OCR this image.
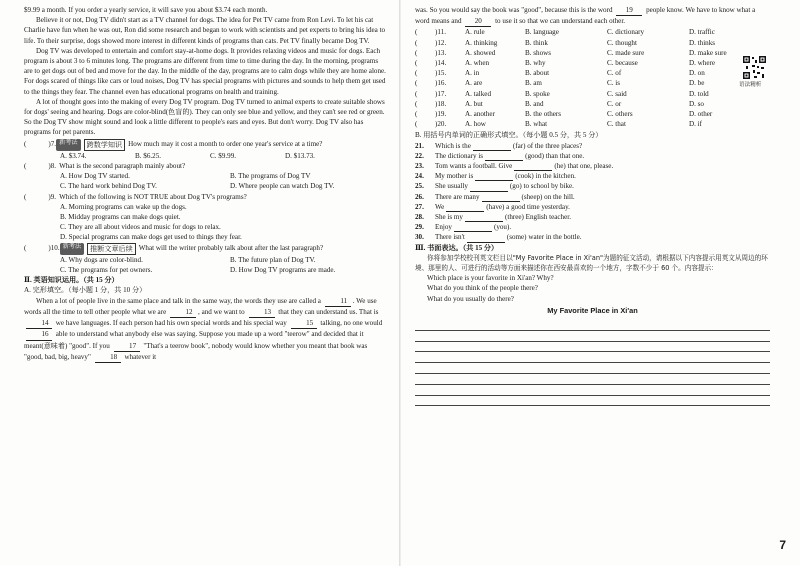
$9.99 a month. If you order a yearly service, it will save you about $3.74 each month.

Believe it or not, Dog TV didn't start as a TV channel for dogs. The idea for Pet TV came from Ron Levi. To let his cat Charlie have fun when he was out, Ron did some research and began to work with scientists and pet experts to bring his idea to life. To their surprise, dogs showed more interest in different kinds of programs than cats. Pet TV finally became Dog TV.

Dog TV was developed to entertain and comfort stay-at-home dogs. It provides relaxing videos and music for dogs. Each program is about 3 to 6 minutes long. The programs are different from time to time during the day. In the morning, programs are to get dogs out of bed and move for the day. In the middle of the day, programs are to calm dogs while they are home alone. For dogs scared of things like cars or loud noises, Dog TV has special programs with pictures and sounds to help them get used to the things they fear. The channel even has educational programs on health and training.

A lot of thought goes into the making of every Dog TV program. Dog TV turned to animal experts to create suitable shows for dogs' seeing and hearing. Dogs are color-blind(色盲的). They can only see blue and yellow, and they can't see red or green. So the Dog TV show might sound and look a little different to people's ears and eyes. But don't worry. Dog TV also has programs for pet parents.

(	)7. 新考法	跨数学知识 How much may it cost a month to order one year's service at a time?
A. $3.74.	B. $6.25.	C. $9.99.	D. $13.73.
(	)8. What is the second paragraph mainly about?
A. How Dog TV started.	B. The programs of Dog TV
C. The hard work behind Dog TV.	D. Where people can watch Dog TV.
(	)9. Which of the following is NOT TRUE about Dog TV's programs?
A. Morning programs can wake up the dogs.
B. Midday programs can make dogs quiet.
C. They are all about videos and music for dogs to relax.
D. Special programs can make dogs get used to things they fear.
(	)10. 新考法	推断文章后续 What will the writer probably talk about after the last paragraph?
A. Why dogs are color-blind.	B. The future plan of Dog TV.
C. The programs for pet owners.	D. How Dog TV programs are made.

Ⅱ. 英语知识运用。（共 15 分）

A. 完形填空。（每小题 1 分，共 10 分）

When a lot of people live in the same place and talk in the same way, the words they use are called a	11 . We use words all the time to tell other people what we are	12 , and we want to	13 that they can understand us. That is 14 we have languages. If each person had his own special words and his special way	15 talking, no one would 16 able to understand what anybody else was saying. Suppose you made up a word "teerow" and decided that it meant(意味着) "good". If you	17 "That's a teerow book", nobody would know whether you meant that book was "good, bad, big, heavy"	18 whatever it

was. So you would say the book was "good", because this is the word 19 people know. We have to know what a word means and 20 to use it so that we can understand each other.

(	)11.	A. rule	B. language	C. dictionary	D. traffic
(	)12.	A. thinking	B. think	C. thought	D. thinks
(	)13.	A. showed	B. shows	C. made sure	D. make sure
(	)14.	A. when	B. why	C. because	D. where
(	)15.	A. in	B. about	C. of	D. on
(	)16.	A. are	B. am	C. is	D. be
(	)17.	A. talked	B. spoke	C. said	D. told
(	)18.	A. but	B. and	C. or	D. so
(	)19.	A. another	B. the others	C. others	D. other
(	)20.	A. how	B. what	C. that	D. if
语法精析

B. 用括号内单词的正确形式填空。（每小题 0.5 分，共 5 分）

21.	Which is the	(far) of the three places?
22.	The dictionary is	(good) than that one.
23.	Tom wants a football. Give	(he) that one, please.
24.	My mother is	(cook) in the kitchen.
25.	She usually	(go) to school by bike.
26.	There are many	(sheep) on the hill.
27.	We	(have) a good time yesterday.
28.	She is my	(three) English teacher.
29.	Enjoy	(you).
30.	There isn't	(some) water in the bottle.

Ⅲ. 书面表达。（共 15 分）

你将参加学校校刊英文栏目以"My Favorite Place in Xi'an"为题的征文活动，请根据以下内容提示用英文从周边的环境、那里的人、可进行的活动等方面来描述你在西安最喜欢的一个地方，字数不少于 60 个。内容提示：

Which place is your favorite in Xi'an? Why?
What do you think of the people there?
What do you usually do there?
My Favorite Place in Xi'an
7
